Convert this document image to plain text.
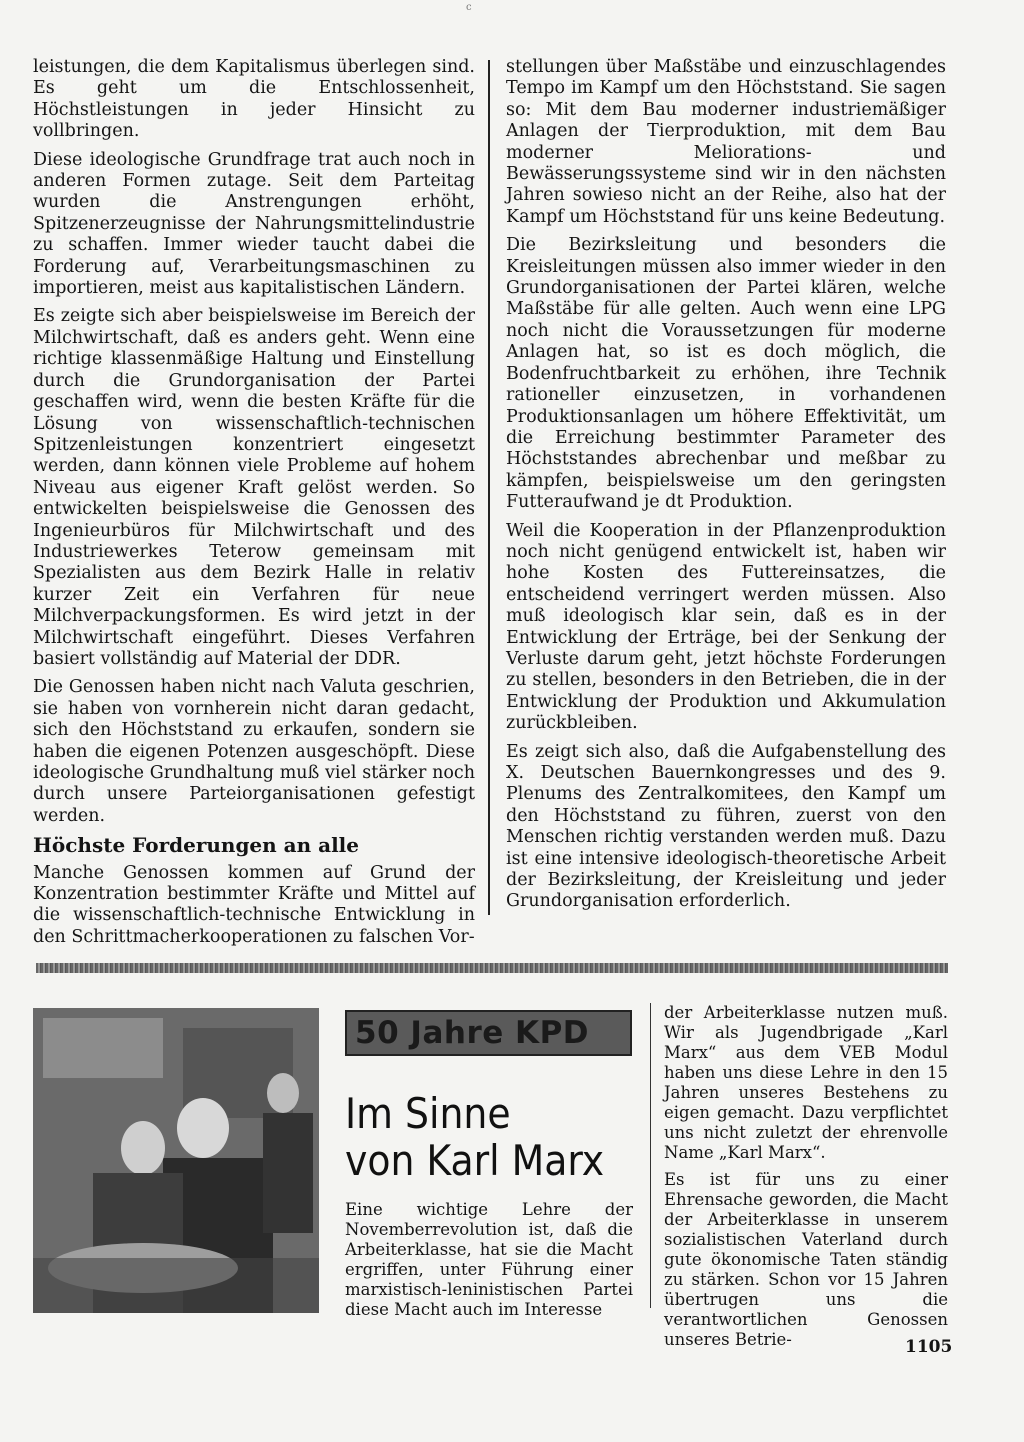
c

leistungen, die dem Kapitalismus überlegen sind. Es geht um die Entschlossenheit, Höchstleistungen in jeder Hinsicht zu vollbringen.

Diese ideologische Grundfrage trat auch noch in anderen Formen zutage. Seit dem Parteitag wurden die Anstrengungen erhöht, Spitzenerzeugnisse der Nahrungsmittelindustrie zu schaffen. Immer wieder taucht dabei die Forderung auf, Verarbeitungsmaschinen zu importieren, meist aus kapitalistischen Ländern.

Es zeigte sich aber beispielsweise im Bereich der Milchwirtschaft, daß es anders geht. Wenn eine richtige klassenmäßige Haltung und Einstellung durch die Grundorganisation der Partei geschaffen wird, wenn die besten Kräfte für die Lösung von wissenschaftlich-technischen Spitzenleistungen konzentriert eingesetzt werden, dann können viele Probleme auf hohem Niveau aus eigener Kraft gelöst werden. So entwickelten beispielsweise die Genossen des Ingenieurbüros für Milchwirtschaft und des Industriewerkes Teterow gemeinsam mit Spezialisten aus dem Bezirk Halle in relativ kurzer Zeit ein Verfahren für neue Milchverpackungsformen. Es wird jetzt in der Milchwirtschaft eingeführt. Dieses Verfahren basiert vollständig auf Material der DDR.

Die Genossen haben nicht nach Valuta geschrien, sie haben von vornherein nicht daran gedacht, sich den Höchststand zu erkaufen, sondern sie haben die eigenen Potenzen ausgeschöpft. Diese ideologische Grundhaltung muß viel stärker noch durch unsere Parteiorganisationen gefestigt werden.

Höchste Forderungen an alle

Manche Genossen kommen auf Grund der Konzentration bestimmter Kräfte und Mittel auf die wissenschaftlich-technische Entwicklung in den Schrittmacherkooperationen zu falschen Vor-

stellungen über Maßstäbe und einzuschlagendes Tempo im Kampf um den Höchststand. Sie sagen so: Mit dem Bau moderner industriemäßiger Anlagen der Tierproduktion, mit dem Bau moderner Meliorations- und Bewässerungssysteme sind wir in den nächsten Jahren sowieso nicht an der Reihe, also hat der Kampf um Höchststand für uns keine Bedeutung.

Die Bezirksleitung und besonders die Kreisleitungen müssen also immer wieder in den Grundorganisationen der Partei klären, welche Maßstäbe für alle gelten. Auch wenn eine LPG noch nicht die Voraussetzungen für moderne Anlagen hat, so ist es doch möglich, die Bodenfruchtbarkeit zu erhöhen, ihre Technik rationeller einzusetzen, in vorhandenen Produktionsanlagen um höhere Effektivität, um die Erreichung bestimmter Parameter des Höchststandes abrechenbar und meßbar zu kämpfen, beispielsweise um den geringsten Futteraufwand je dt Produktion.

Weil die Kooperation in der Pflanzenproduktion noch nicht genügend entwickelt ist, haben wir hohe Kosten des Futtereinsatzes, die entscheidend verringert werden müssen. Also muß ideologisch klar sein, daß es in der Entwicklung der Erträge, bei der Senkung der Verluste darum geht, jetzt höchste Forderungen zu stellen, besonders in den Betrieben, die in der Entwicklung der Produktion und Akkumulation zurückbleiben.

Es zeigt sich also, daß die Aufgabenstellung des X. Deutschen Bauernkongresses und des 9. Plenums des Zentralkomitees, den Kampf um den Höchststand zu führen, zuerst von den Menschen richtig verstanden werden muß. Dazu ist eine intensive ideologisch-theoretische Arbeit der Bezirksleitung, der Kreisleitung und jeder Grundorganisation erforderlich.

50 Jahre KPD
Im Sinne
von Karl Marx

Eine wichtige Lehre der Novemberrevolution ist, daß die Arbeiterklasse, hat sie die Macht ergriffen, unter Führung einer marxistisch-leninistischen Partei diese Macht auch im Interesse

der Arbeiterklasse nutzen muß. Wir als Jugendbrigade „Karl Marx“ aus dem VEB Modul haben uns diese Lehre in den 15 Jahren unseres Bestehens zu eigen gemacht. Dazu verpflichtet uns nicht zuletzt der ehrenvolle Name „Karl Marx“.

Es ist für uns zu einer Ehrensache geworden, die Macht der Arbeiterklasse in unserem sozialistischen Vaterland durch gute ökonomische Taten ständig zu stärken. Schon vor 15 Jahren übertrugen uns die verantwortlichen Genossen unseres Betrie-	1105
